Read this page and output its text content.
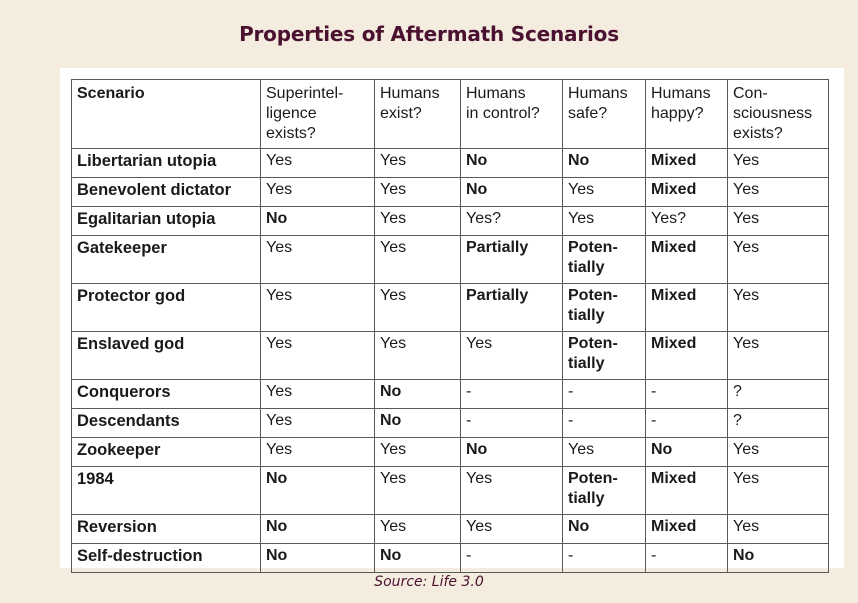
Properties of Aftermath Scenarios
Scenario	Superintel-
ligence
exists?	Humans
exist?	Humans
in control?	Humans
safe?	Humans
happy?	Con-
sciousness
exists?
Libertarian utopia	Yes	Yes	No	No	Mixed	Yes
Benevolent dictator	Yes	Yes	No	Yes	Mixed	Yes
Egalitarian utopia	No	Yes	Yes?	Yes	Yes?	Yes
Gatekeeper	Yes	Yes	Partially	Poten-
tially	Mixed	Yes
Protector god	Yes	Yes	Partially	Poten-
tially	Mixed	Yes
Enslaved god	Yes	Yes	Yes	Poten-
tially	Mixed	Yes
Conquerors	Yes	No	-	-	-	?
Descendants	Yes	No	-	-	-	?
Zookeeper	Yes	Yes	No	Yes	No	Yes
1984	No	Yes	Yes	Poten-
tially	Mixed	Yes
Reversion	No	Yes	Yes	No	Mixed	Yes
Self-destruction	No	No	-	-	-	No
Source: Life 3.0
